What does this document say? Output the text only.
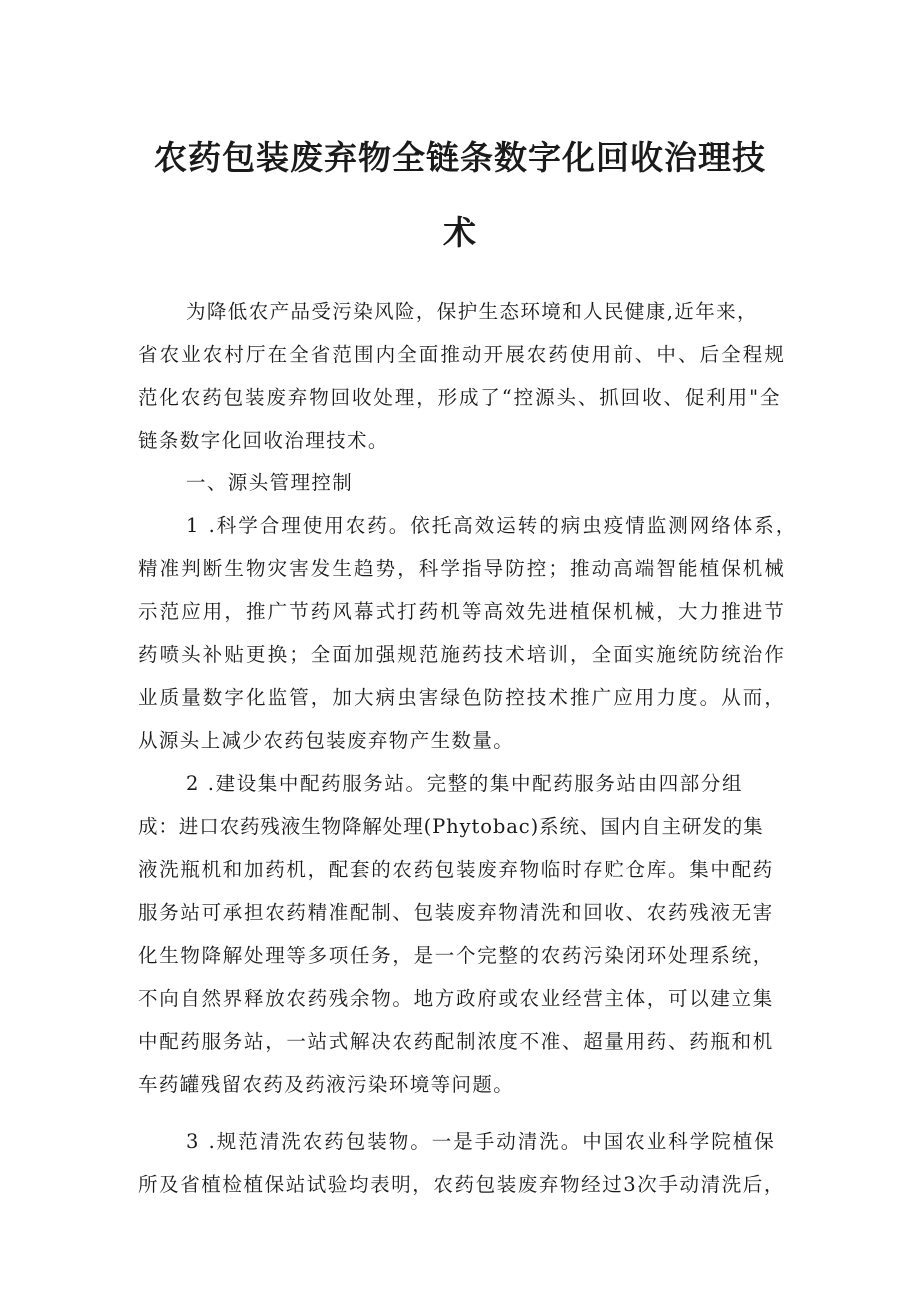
农药包装废弃物全链条数字化回收治理技
术
为降低农产品受污染风险，保护生态环境和人民健康,近年来，
省农业农村厅在全省范围内全面推动开展农药使用前、中、后全程规
范化农药包装废弃物回收处理，形成了“控源头、抓回收、促利用"全
链条数字化回收治理技术。
一、源头管理控制
1 .科学合理使用农药。依托高效运转的病虫疫情监测网络体系，
精准判断生物灾害发生趋势，科学指导防控；推动高端智能植保机械
示范应用，推广节药风幕式打药机等高效先进植保机械，大力推进节
药喷头补贴更换；全面加强规范施药技术培训，全面实施统防统治作
业质量数字化监管，加大病虫害绿色防控技术推广应用力度。从而，
从源头上减少农药包装废弃物产生数量。
2 .建设集中配药服务站。完整的集中配药服务站由四部分组
成：进口农药残液生物降解处理(Phytobac)系统、国内自主研发的集
液洗瓶机和加药机，配套的农药包装废弃物临时存贮仓库。集中配药
服务站可承担农药精准配制、包装废弃物清洗和回收、农药残液无害
化生物降解处理等多项任务，是一个完整的农药污染闭环处理系统，
不向自然界释放农药残余物。地方政府或农业经营主体，可以建立集
中配药服务站，一站式解决农药配制浓度不准、超量用药、药瓶和机
车药罐残留农药及药液污染环境等问题。
3 .规范清洗农药包装物。一是手动清洗。中国农业科学院植保
所及省植检植保站试验均表明，农药包装废弃物经过3次手动清洗后，
